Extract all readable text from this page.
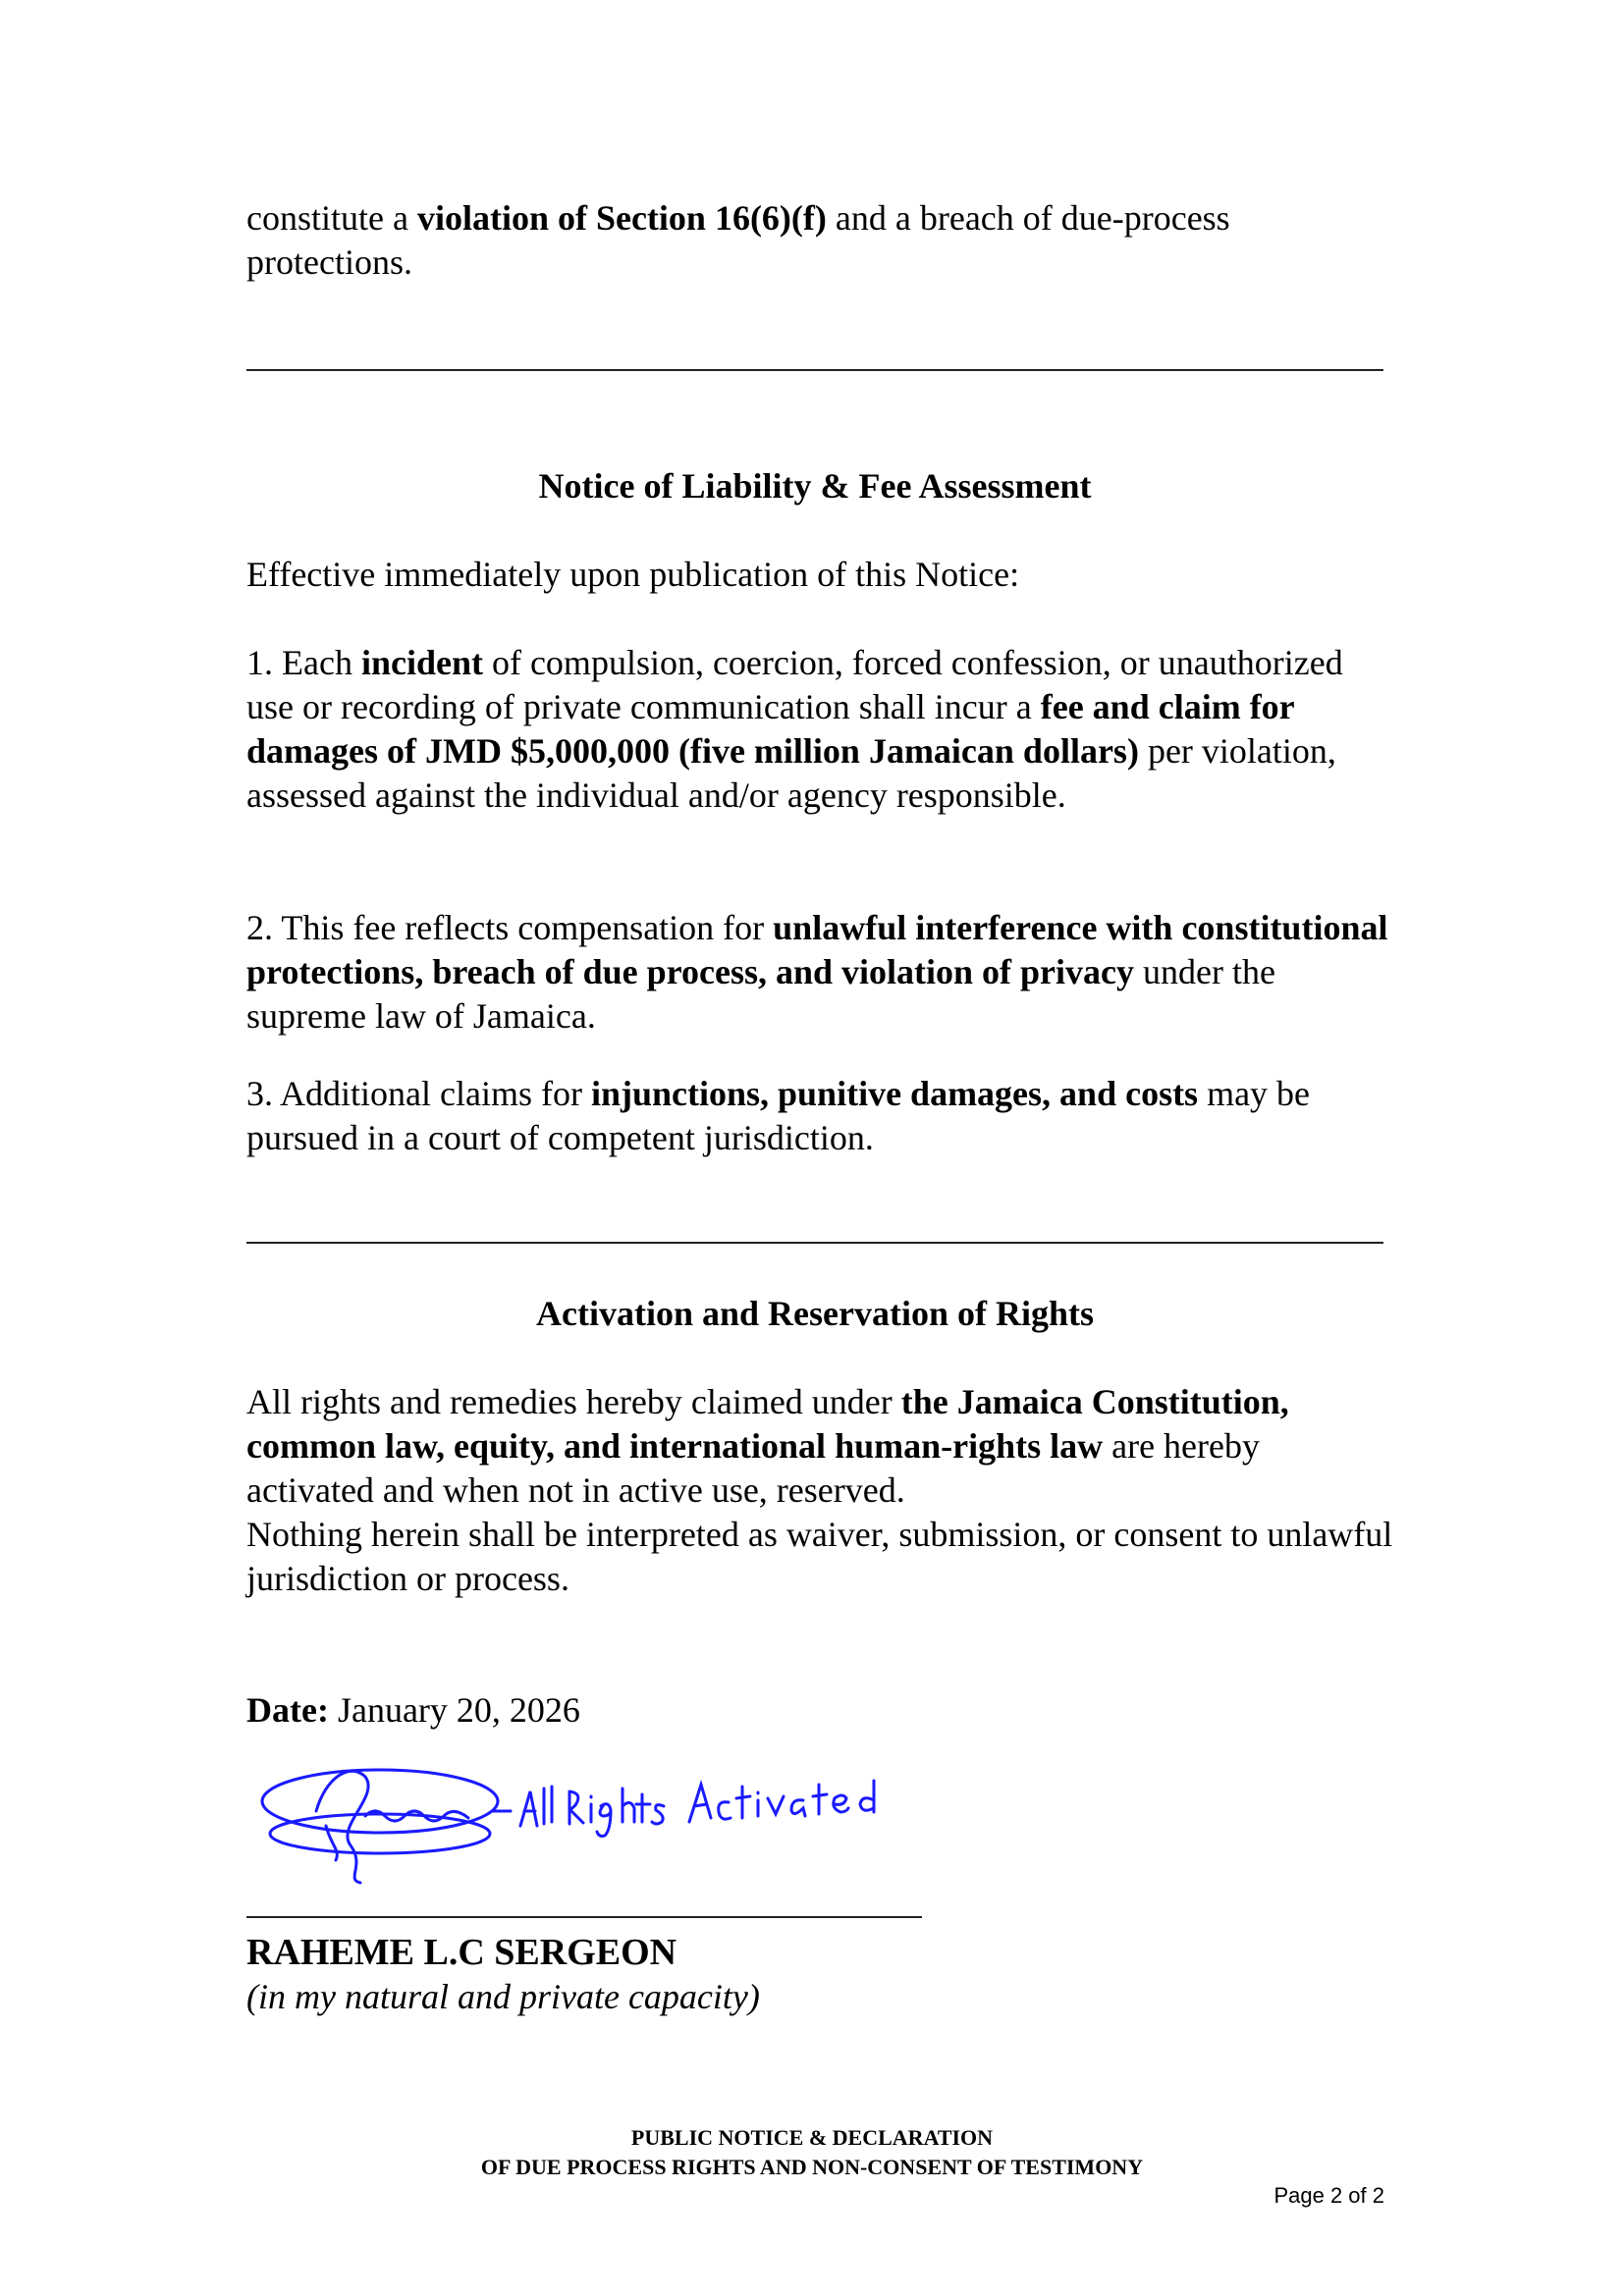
constitute a violation of Section 16(6)(f) and a breach of due-process
protections.

Notice of Liability & Fee Assessment

Effective immediately upon publication of this Notice:

1. Each incident of compulsion, coercion, forced confession, or unauthorized use or recording of private communication shall incur a fee and claim for damages of JMD $5,000,000 (five million Jamaican dollars) per violation, assessed against the individual and/or agency responsible.

2. This fee reflects compensation for unlawful interference with constitutional protections, breach of due process, and violation of privacy under the supreme law of Jamaica.

3. Additional claims for injunctions, punitive damages, and costs may be pursued in a court of competent jurisdiction.

Activation and Reservation of Rights

All rights and remedies hereby claimed under the Jamaica Constitution, common law, equity, and international human-rights law are hereby activated and when not in active use, reserved.

Nothing herein shall be interpreted as waiver, submission, or consent to unlawful jurisdiction or process.

Date: January 20, 2026

RAHEME L.C SERGEON
(in my natural and private capacity)
PUBLIC NOTICE & DECLARATION
OF DUE PROCESS RIGHTS AND NON-CONSENT OF TESTIMONY
Page 2 of 2
